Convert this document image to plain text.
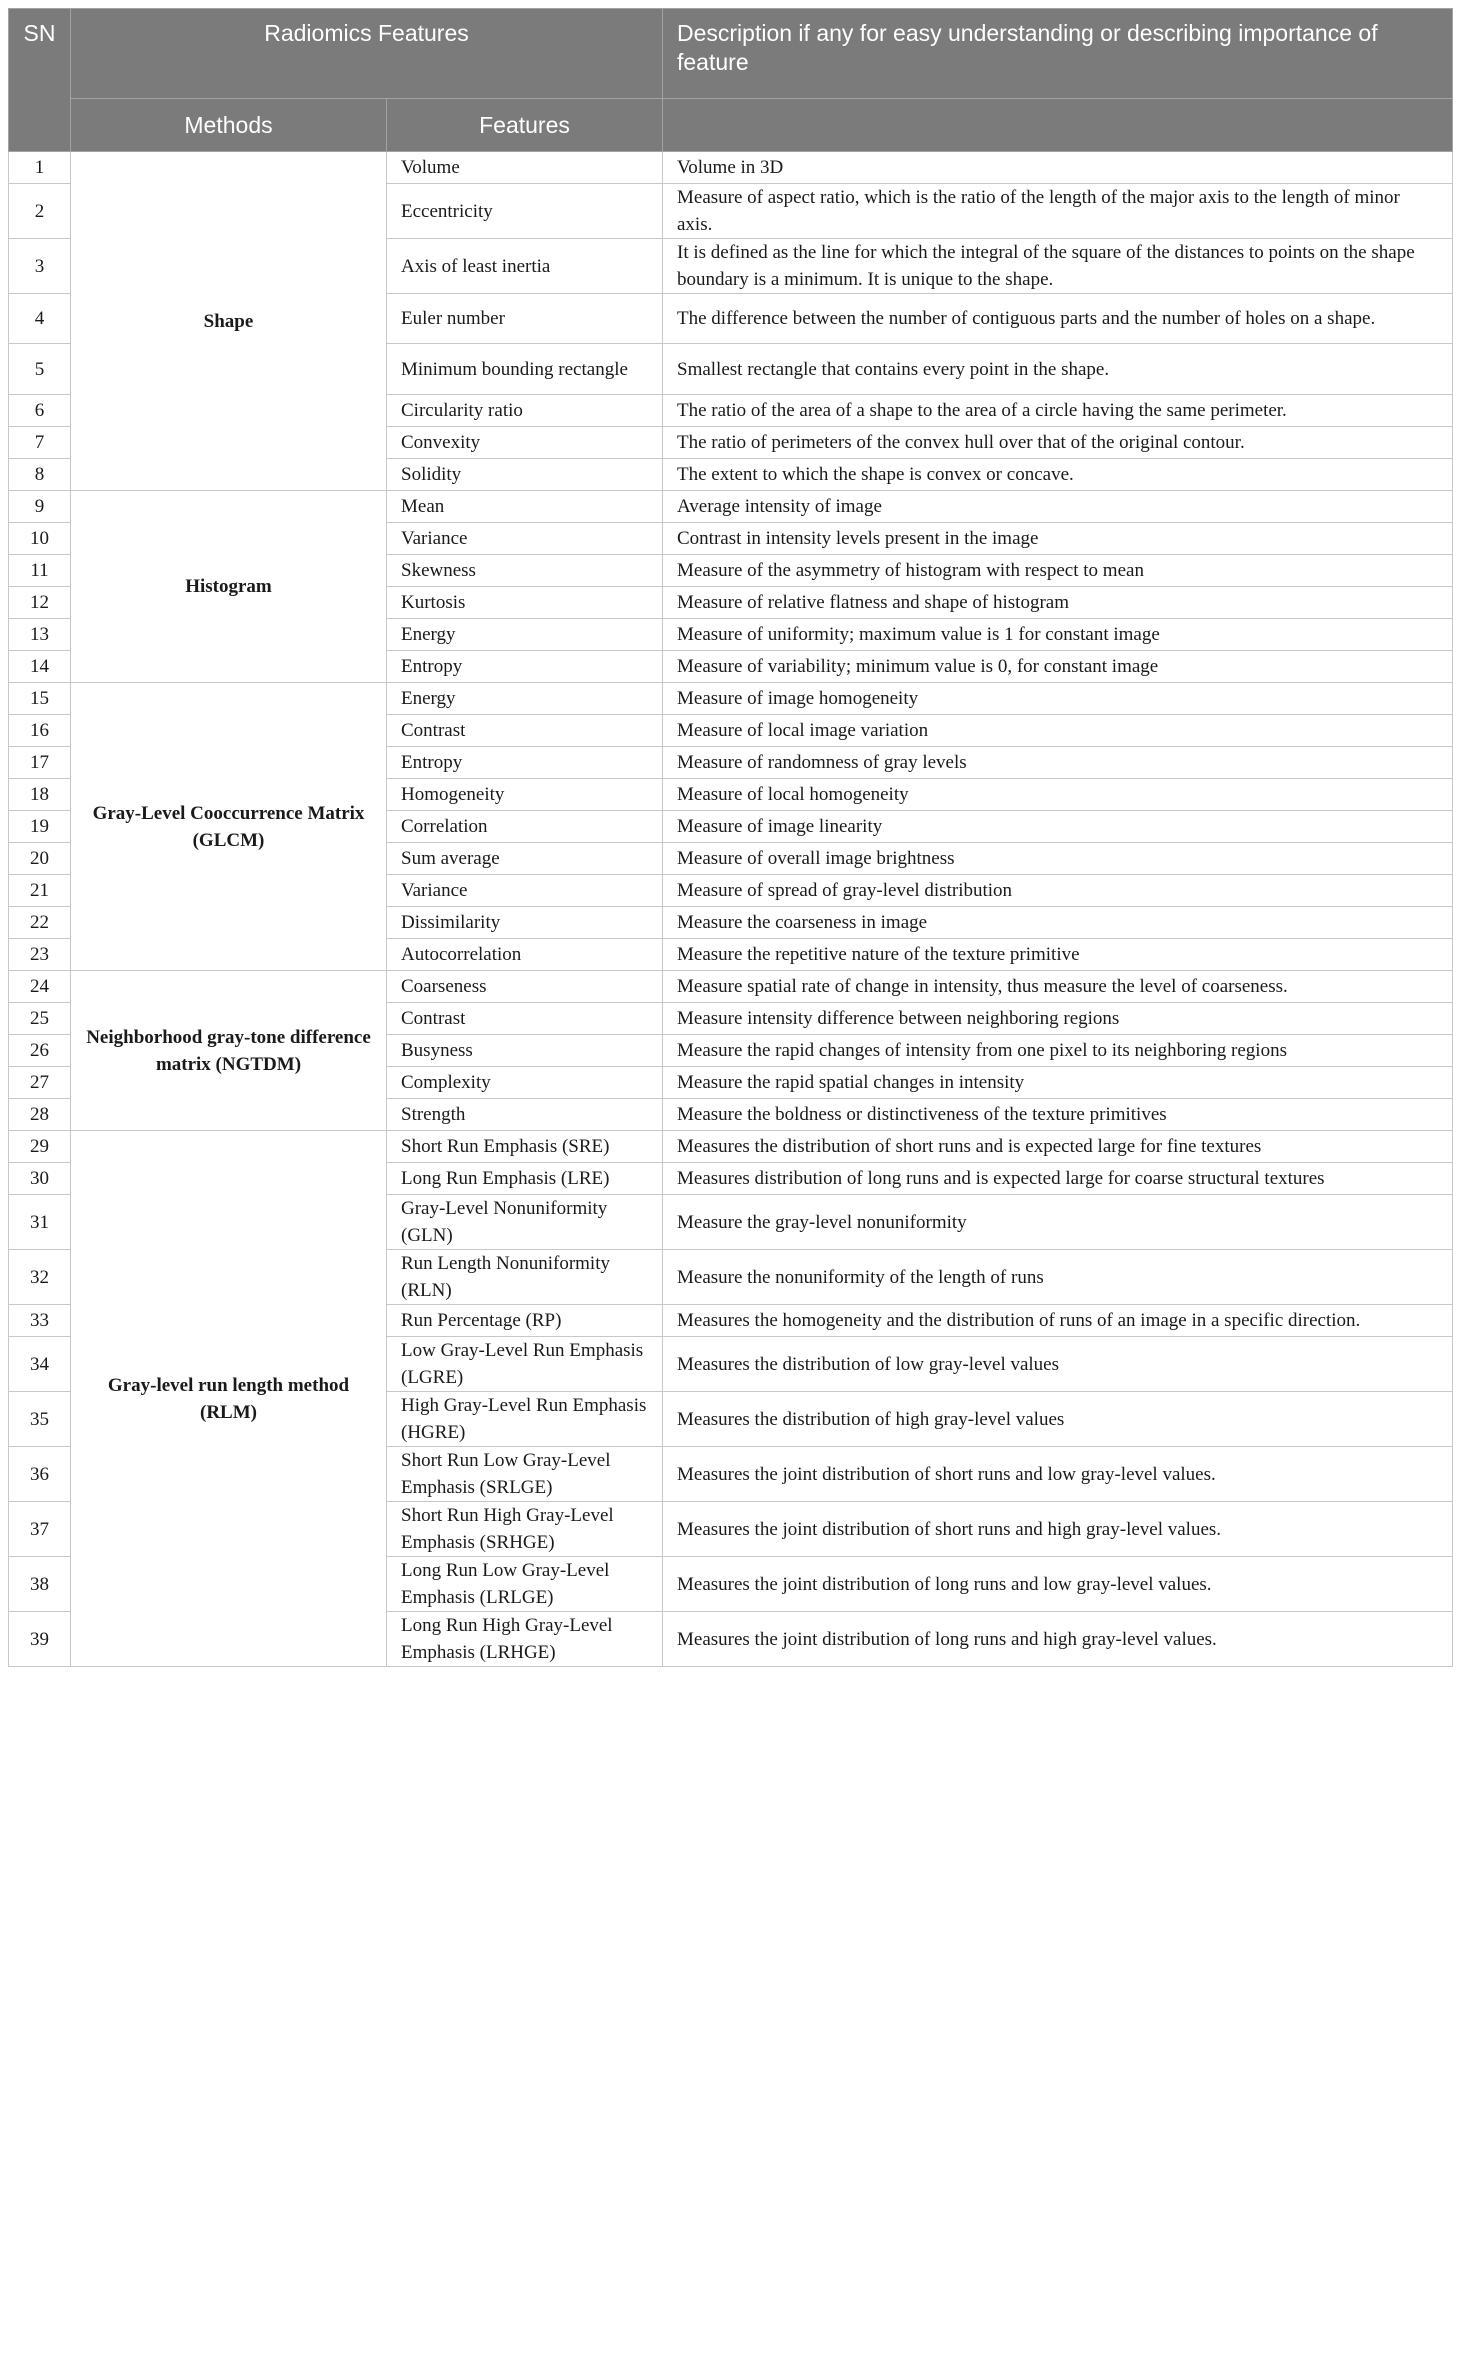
SN	Radiomics Features		Description if any for easy understanding or describing importance of feature
	Methods	Features	
1	Shape	Volume	Volume in 3D
2		Eccentricity	Measure of aspect ratio, which is the ratio of the length of the major axis to the length of minor axis.
3		Axis of least inertia	It is defined as the line for which the integral of the square of the distances to points on the shape boundary is a minimum. It is unique to the shape.
4		Euler number	The difference between the number of contiguous parts and the number of holes on a shape.
5		Minimum bounding rectangle	Smallest rectangle that contains every point in the shape.
6		Circularity ratio	The ratio of the area of a shape to the area of a circle having the same perimeter.
7		Convexity	The ratio of perimeters of the convex hull over that of the original contour.
8		Solidity	The extent to which the shape is convex or concave.
9	Histogram	Mean	Average intensity of image
10		Variance	Contrast in intensity levels present in the image
11		Skewness	Measure of the asymmetry of histogram with respect to mean
12		Kurtosis	Measure of relative flatness and shape of histogram
13		Energy	Measure of uniformity; maximum value is 1 for constant image
14		Entropy	Measure of variability; minimum value is 0, for constant image
15	Gray-Level Cooccurrence Matrix (GLCM)	Energy	Measure of image homogeneity
16		Contrast	Measure of local image variation
17		Entropy	Measure of randomness of gray levels
18		Homogeneity	Measure of local homogeneity
19		Correlation	Measure of image linearity
20		Sum average	Measure of overall image brightness
21		Variance	Measure of spread of gray-level distribution
22		Dissimilarity	Measure the coarseness in image
23		Autocorrelation	Measure the repetitive nature of the texture primitive
24	Neighborhood gray-tone difference matrix (NGTDM)	Coarseness	Measure spatial rate of change in intensity, thus measure the level of coarseness.
25		Contrast	Measure intensity difference between neighboring regions
26		Busyness	Measure the rapid changes of intensity from one pixel to its neighboring regions
27		Complexity	Measure the rapid spatial changes in intensity
28		Strength	Measure the boldness or distinctiveness of the texture primitives
29	Gray-level run length method (RLM)	Short Run Emphasis (SRE)	Measures the distribution of short runs and is expected large for fine textures
30		Long Run Emphasis (LRE)	Measures distribution of long runs and is expected large for coarse structural textures
31		Gray-Level Nonuniformity (GLN)	Measure the gray-level nonuniformity
32		Run Length Nonuniformity (RLN)	Measure the nonuniformity of the length of runs
33		Run Percentage (RP)	Measures the homogeneity and the distribution of runs of an image in a specific direction.
34		Low Gray-Level Run Emphasis (LGRE)	Measures the distribution of low gray-level values
35		High Gray-Level Run Emphasis (HGRE)	Measures the distribution of high gray-level values
36		Short Run Low Gray-Level Emphasis (SRLGE)	Measures the joint distribution of short runs and low gray-level values.
37		Short Run High Gray-Level Emphasis (SRHGE)	Measures the joint distribution of short runs and high gray-level values.
38		Long Run Low Gray-Level Emphasis (LRLGE)	Measures the joint distribution of long runs and low gray-level values.
39		Long Run High Gray-Level Emphasis (LRHGE)	Measures the joint distribution of long runs and high gray-level values.
